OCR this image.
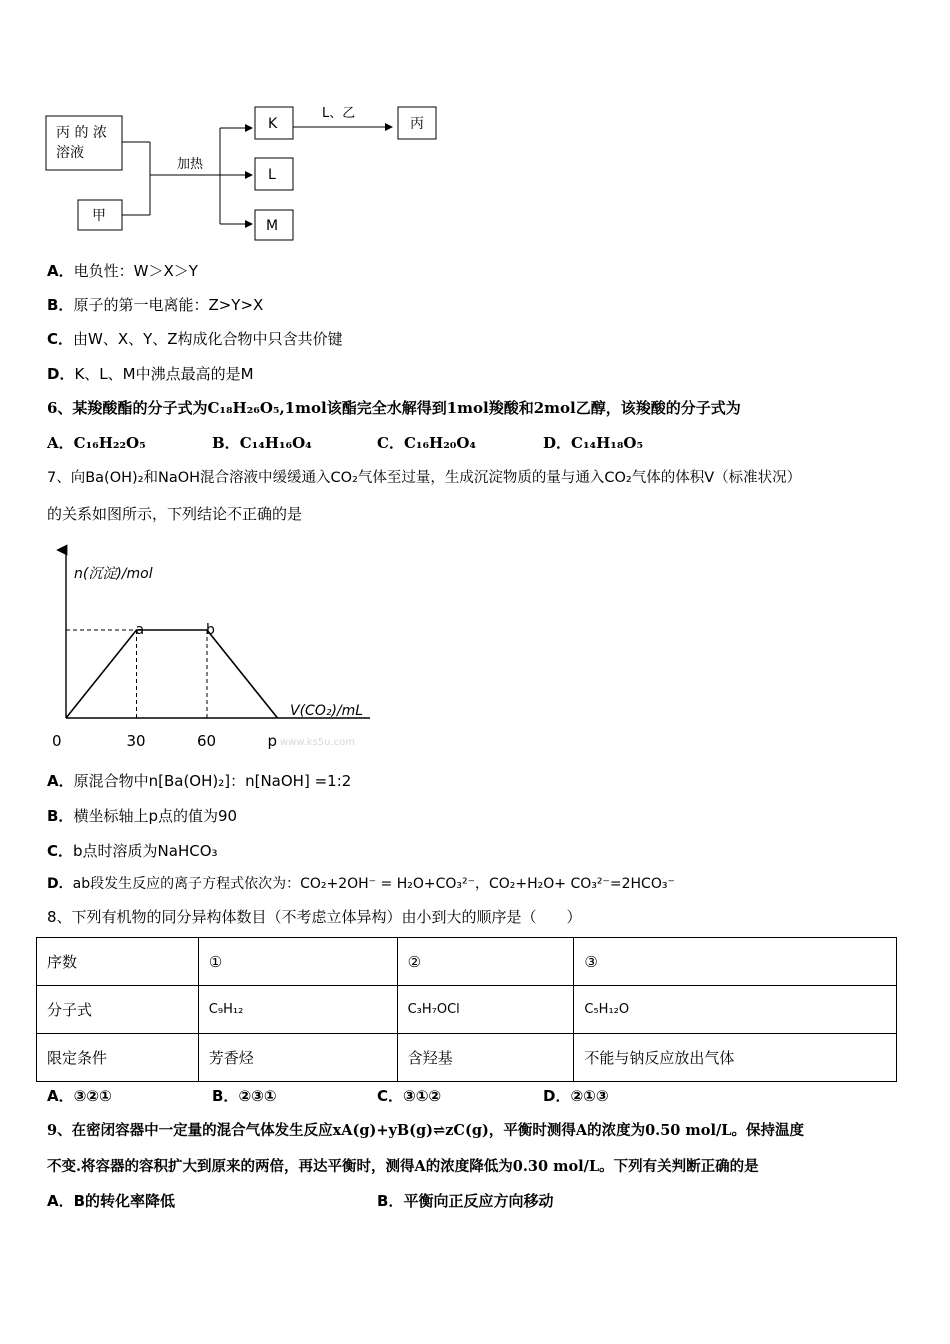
丙 的 浓
溶液
甲
加热
K
L
M
L、乙
丙
A．电负性：W＞X＞Y
B．原子的第一电离能：Z>Y>X
C．由W、X、Y、Z构成化合物中只含共价键
D．K、L、M中沸点最高的是M
6、某羧酸酯的分子式为C₁₈H₂₆O₅,1mol该酯完全水解得到1mol羧酸和2mol乙醇，该羧酸的分子式为
A．C₁₆H₂₂O₅	B．C₁₄H₁₆O₄	C．C₁₆H₂₀O₄	D．C₁₄H₁₈O₅
7、向Ba(OH)₂和NaOH混合溶液中缓缓通入CO₂气体至过量，生成沉淀物质的量与通入CO₂气体的体积V（标准状况）
的关系如图所示，下列结论不正确的是
n(沉淀)/mol
V(CO₂)/mL
a	b
0	30	60	p www.ks5u.com
A．原混合物中n[Ba(OH)₂]：n[NaOH] =1:2
B．横坐标轴上p点的值为90
C．b点时溶质为NaHCO₃
D．ab段发生反应的离子方程式依次为：CO₂+2OH⁻ = H₂O+CO₃²⁻，CO₂+H₂O+ CO₃²⁻=2HCO₃⁻
8、下列有机物的同分异构体数目（不考虑立体异构）由小到大的顺序是（　　）
序数	①	②	③
分子式	C₉H₁₂	C₃H₇OCl	C₅H₁₂O
限定条件	芳香烃	含羟基	不能与钠反应放出气体
A．③②①	B．②③①	C．③①②	D．②①③
9、在密闭容器中一定量的混合气体发生反应xA(g)+yB(g)⇌zC(g)，平衡时测得A的浓度为0.50 mol/L。保持温度
不变.将容器的容积扩大到原来的两倍，再达平衡时，测得A的浓度降低为0.30 mol/L。下列有关判断正确的是
A．B的转化率降低	B．平衡向正反应方向移动
